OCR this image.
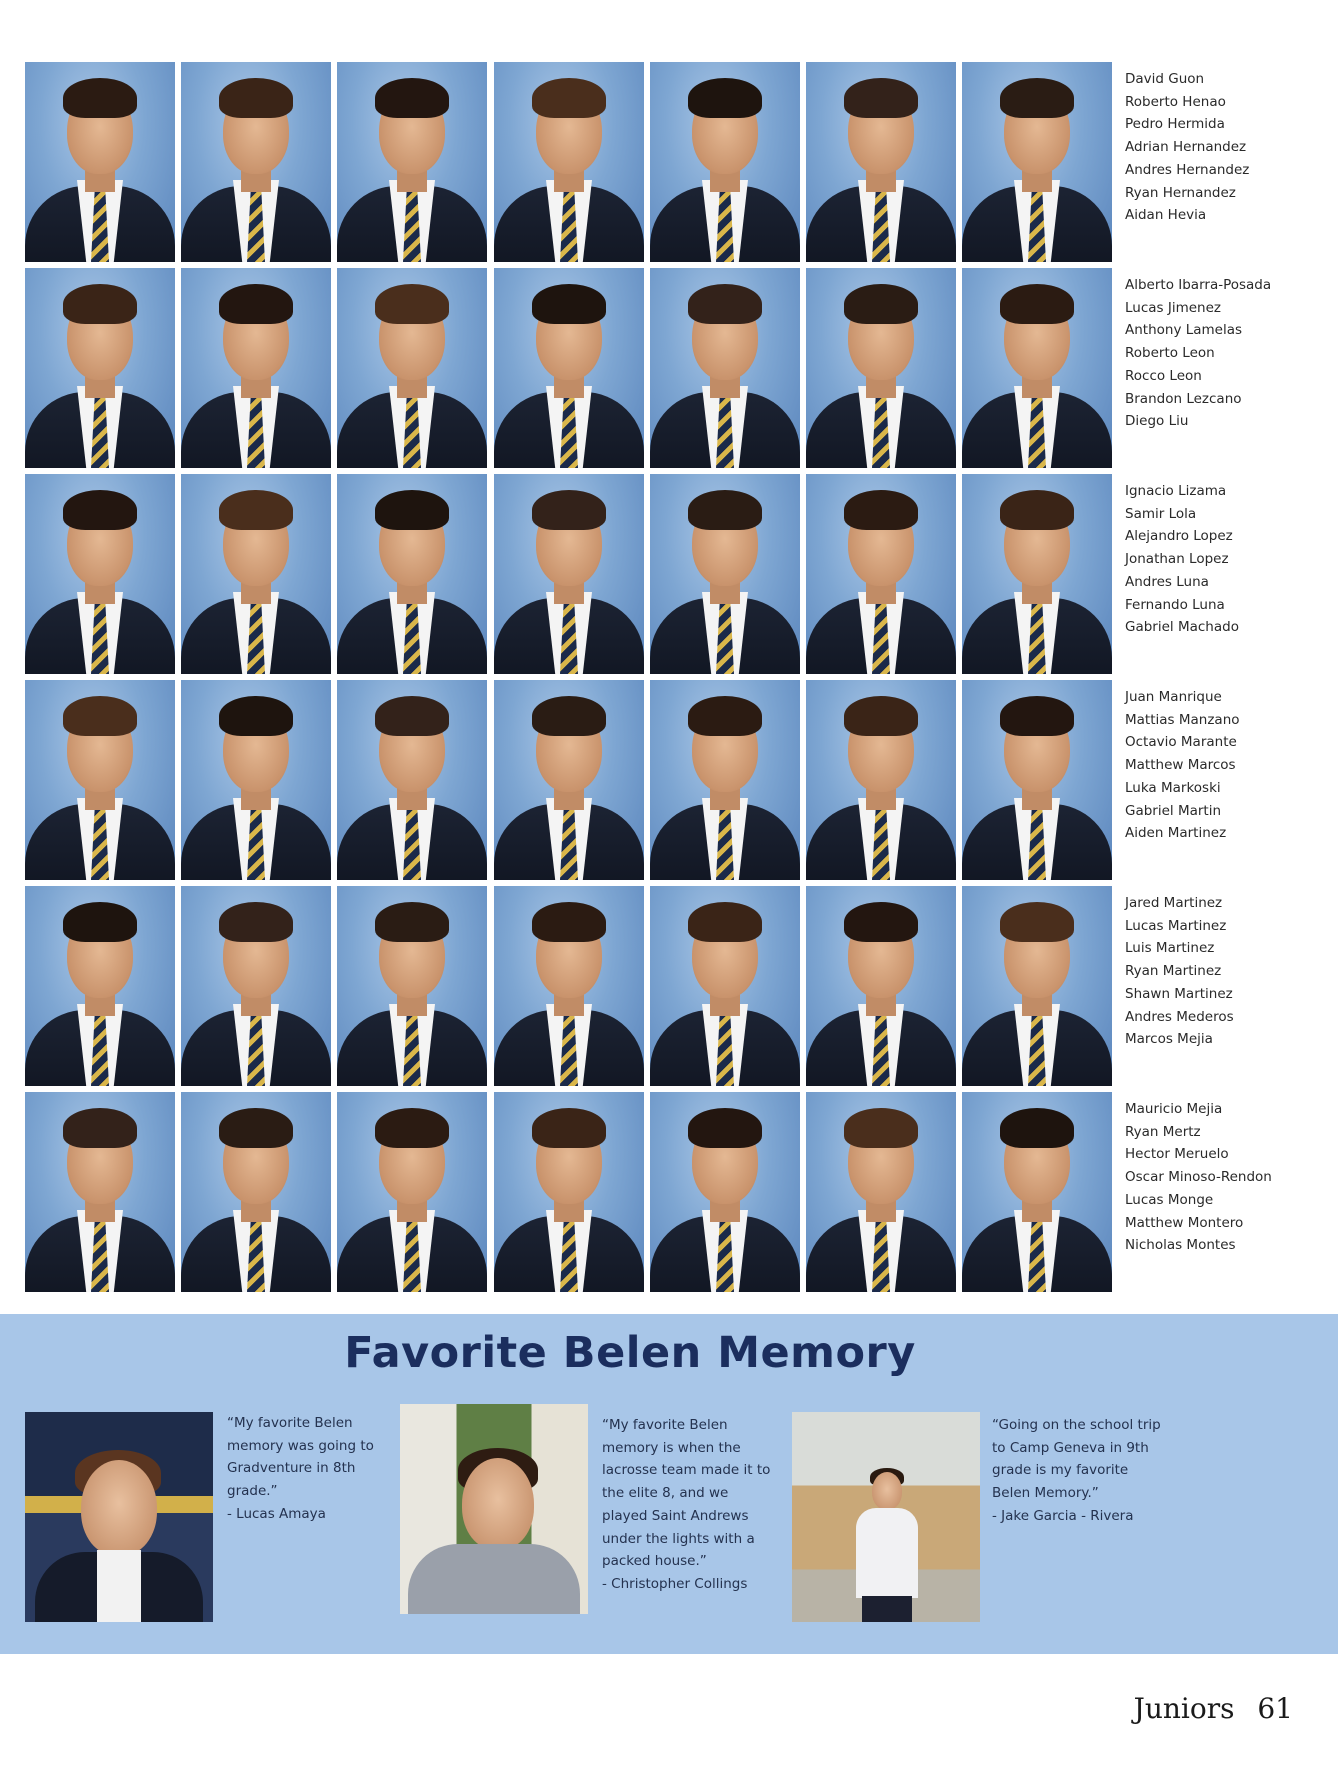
David Guon
Roberto Henao
Pedro Hermida
Adrian Hernandez
Andres Hernandez
Ryan Hernandez
Aidan Hevia
Alberto Ibarra-Posada
Lucas Jimenez
Anthony Lamelas
Roberto Leon
Rocco Leon
Brandon Lezcano
Diego Liu
Ignacio Lizama
Samir Lola
Alejandro Lopez
Jonathan Lopez
Andres Luna
Fernando Luna
Gabriel Machado
Juan Manrique
Mattias Manzano
Octavio Marante
Matthew Marcos
Luka Markoski
Gabriel Martin
Aiden Martinez
Jared Martinez
Lucas Martinez
Luis Martinez
Ryan Martinez
Shawn Martinez
Andres Mederos
Marcos Mejia
Mauricio Mejia
Ryan Mertz
Hector Meruelo
Oscar Minoso-Rendon
Lucas Monge
Matthew Montero
Nicholas Montes
Favorite Belen Memory
“My favorite Belen
memory was going to
Gradventure in 8th
grade.”
- Lucas Amaya
“My favorite Belen
memory is when the
lacrosse team made it to
the elite 8, and we
played Saint Andrews
under the lights with a
packed house.”
- Christopher Collings
“Going on the school trip
to Camp Geneva in 9th
grade is my favorite
Belen Memory.”
- Jake Garcia - Rivera
Juniors 61
